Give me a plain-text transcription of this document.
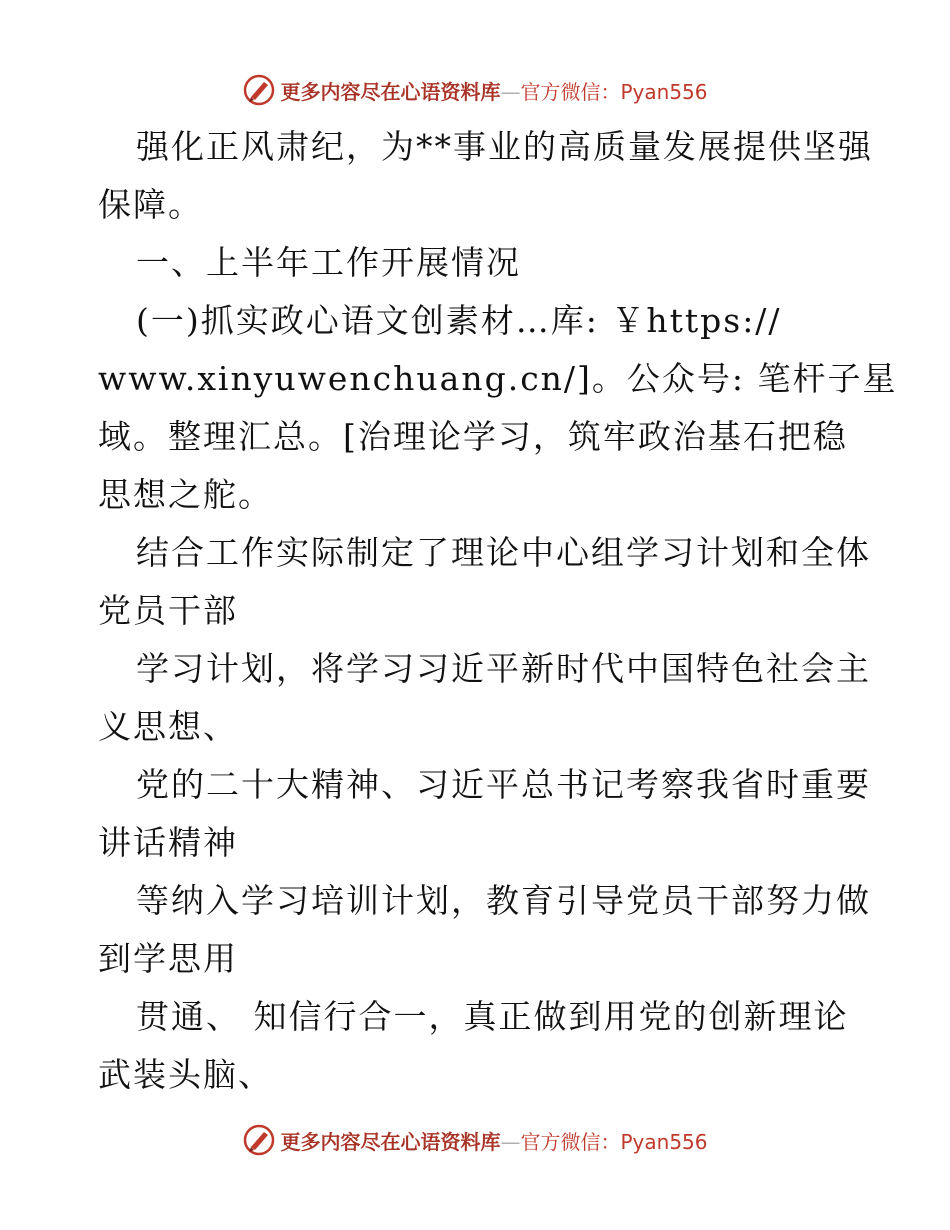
更多内容尽在心语资料库—官方微信：Pyan556
强化正风肃纪，为**事业的高质量发展提供坚强
保障。
一、上半年工作开展情况
(一)抓实政心语文创素材…库: ￥https://
www.xinyuwenchuang.cn/]。公众号: 笔杆子星
域。整理汇总。[治理论学习，筑牢政治基石把稳
思想之舵。
结合工作实际制定了理论中心组学习计划和全体
党员干部
学习计划，将学习习近平新时代中国特色社会主
义思想、
党的二十大精神、习近平总书记考察我省时重要
讲话精神
等纳入学习培训计划，教育引导党员干部努力做
到学思用
贯通、 知信行合一，真正做到用党的创新理论
武装头脑、
更多内容尽在心语资料库—官方微信：Pyan556
